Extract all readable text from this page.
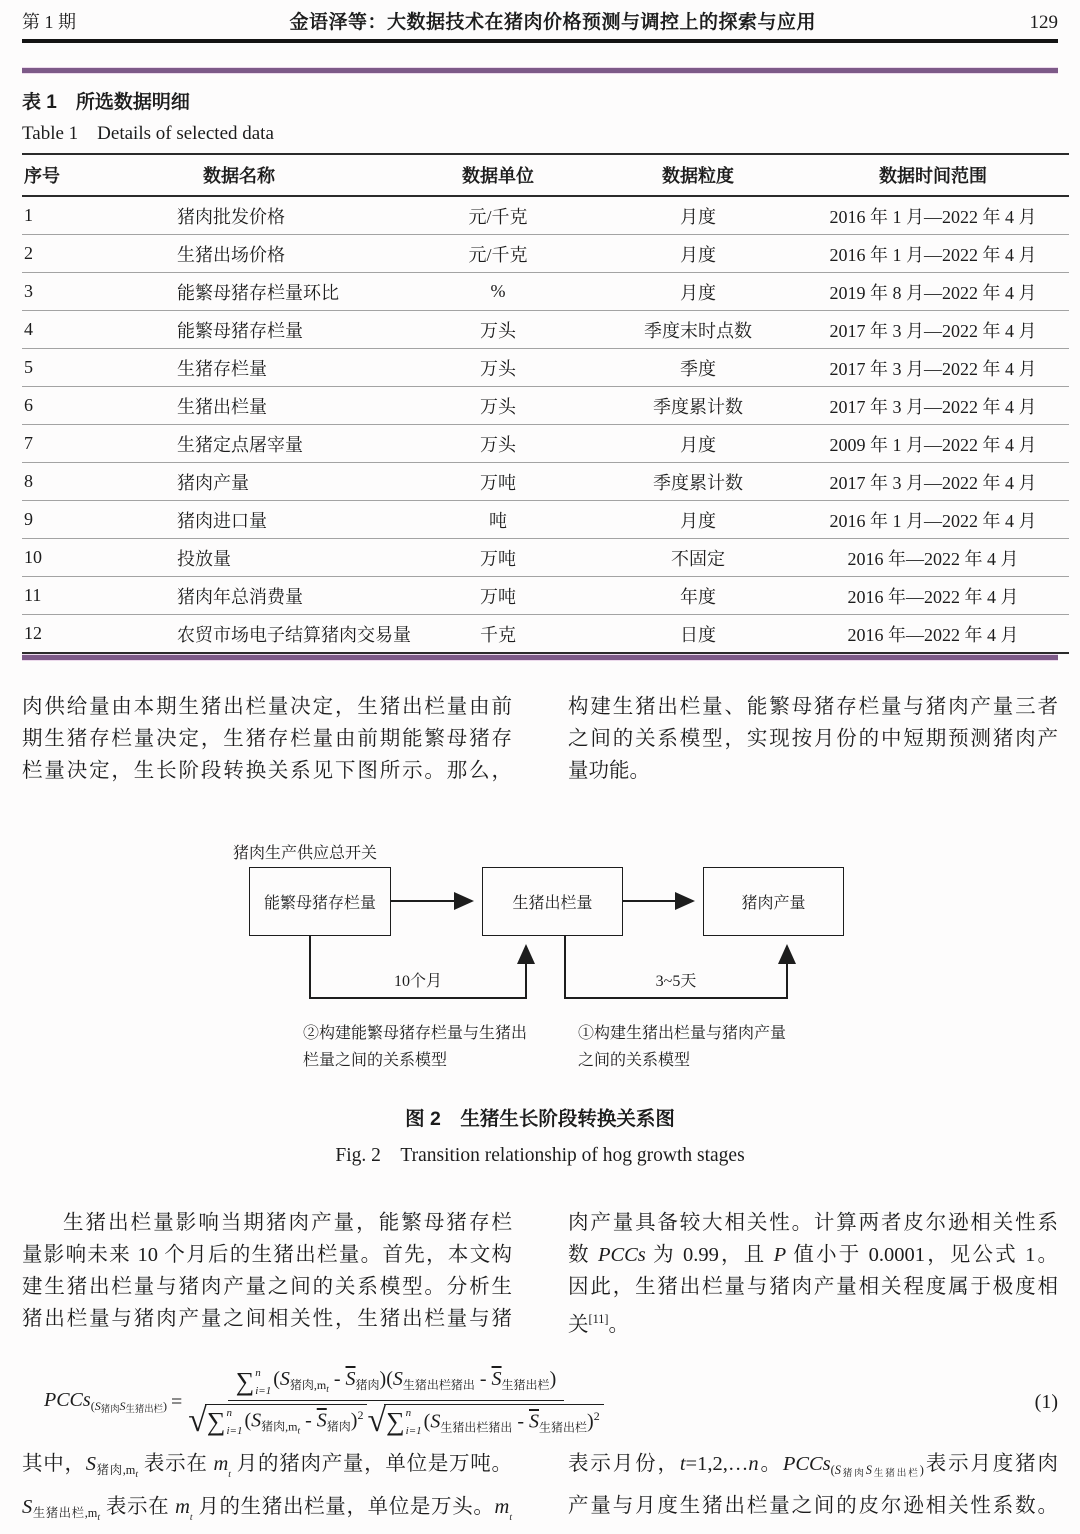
第 1 期	金语泽等：大数据技术在猪肉价格预测与调控上的探索与应用	129
表 1　所选数据明细
Table 1　Details of selected data
序号	数据名称	数据单位	数据粒度	数据时间范围
1	猪肉批发价格	元/千克	月度	2016 年 1 月—2022 年 4 月
2	生猪出场价格	元/千克	月度	2016 年 1 月—2022 年 4 月
3	能繁母猪存栏量环比	%	月度	2019 年 8 月—2022 年 4 月
4	能繁母猪存栏量	万头	季度末时点数	2017 年 3 月—2022 年 4 月
5	生猪存栏量	万头	季度	2017 年 3 月—2022 年 4 月
6	生猪出栏量	万头	季度累计数	2017 年 3 月—2022 年 4 月
7	生猪定点屠宰量	万头	月度	2009 年 1 月—2022 年 4 月
8	猪肉产量	万吨	季度累计数	2017 年 3 月—2022 年 4 月
9	猪肉进口量	吨	月度	2016 年 1 月—2022 年 4 月
10	投放量	万吨	不固定	2016 年—2022 年 4 月
11	猪肉年总消费量	万吨	年度	2016 年—2022 年 4 月
12	农贸市场电子结算猪肉交易量	千克	日度	2016 年—2022 年 4 月
肉供给量由本期生猪出栏量决定，生猪出栏量由前
期生猪存栏量决定，生猪存栏量由前期能繁母猪存
栏量决定，生长阶段转换关系见下图所示。那么，
构建生猪出栏量、能繁母猪存栏量与猪肉产量三者
之间的关系模型，实现按月份的中短期预测猪肉产
量功能。
猪肉生产供应总开关
能繁母猪存栏量	生猪出栏量	猪肉产量
10个月	3~5天
②构建能繁母猪存栏量与生猪出
栏量之间的关系模型
①构建生猪出栏量与猪肉产量
之间的关系模型
图 2　生猪生长阶段转换关系图
Fig. 2　Transition relationship of hog growth stages
生猪出栏量影响当期猪肉产量，能繁母猪存栏
量影响未来 10 个月后的生猪出栏量。首先，本文构
建生猪出栏量与猪肉产量之间的关系模型。分析生
猪出栏量与猪肉产量之间相关性，生猪出栏量与猪
肉产量具备较大相关性。计算两者皮尔逊相关性系
数 PCCs 为 0.99，且 P 值小于 0.0001，见公式 1。
因此，生猪出栏量与猪肉产量相关程度属于极度相
关[11]。
PCCs$_{(S猪肉S生猪出栏)}$ =
∑ n
i=1
$(S_{猪肉,mt} - \overline{S}_{猪肉})(S_{生猪出栏猪出} - \overline{S}_{生猪出栏})$
√ ∑ n
i=1 $(S_{猪肉,mt} - \overline{S}_{猪肉})^2$ √ ∑ n
i=1 $(S_{生猪出栏猪出} - \overline{S}_{生猪出栏})^2$
(1)
其中，S猪肉$,m_t$ 表示在 $m_t$ 月的猪肉产量，单位是万吨。
S生猪出栏$,m_t$ 表示在 $m_t$ 月的生猪出栏量，单位是万头。$m_t$
表示月份，t=1,2,…n。$PCCs(S_{猪肉}S_{生猪出栏})$表示月度猪肉
产量与月度生猪出栏量之间的皮尔逊相关性系数。
